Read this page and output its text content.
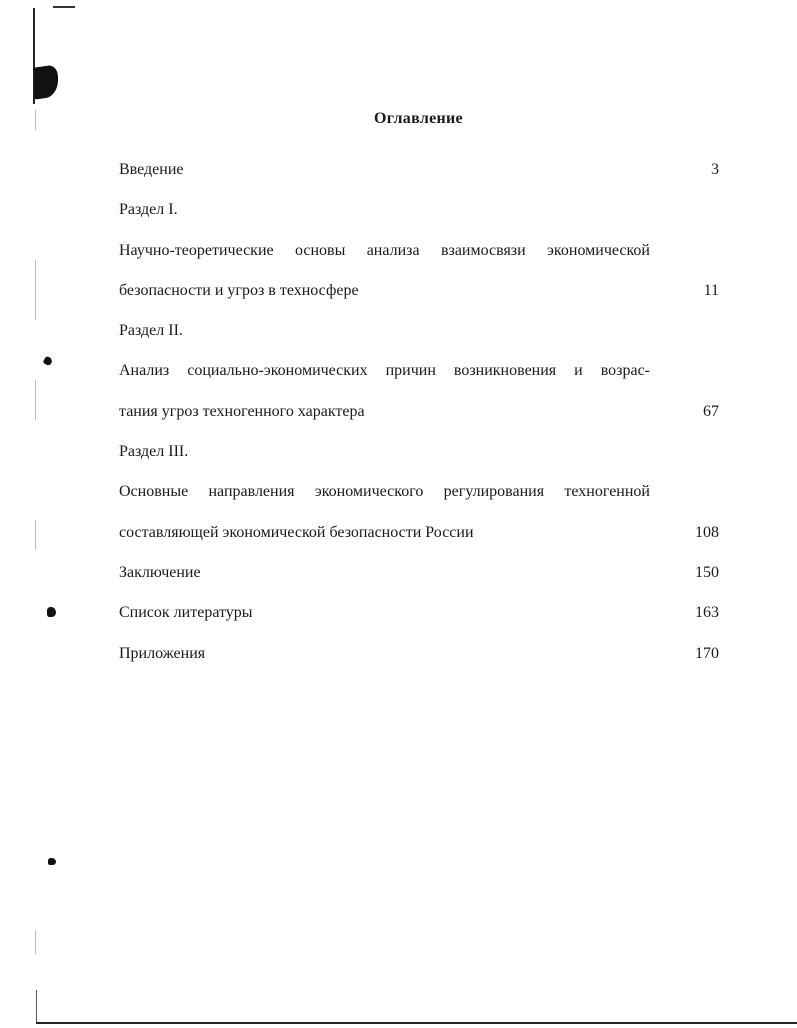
Оглавление
Введение	3
Раздел I.
Научно-теоретические основы анализа взаимосвязи экономической
безопасности и угроз в техносфере	11
Раздел II.
Анализ социально-экономических причин возникновения и возрас-
тания угроз техногенного характера	67
Раздел III.
Основные направления экономического регулирования техногенной
составляющей экономической безопасности России	108
Заключение	150
Список литературы	163
Приложения	170
